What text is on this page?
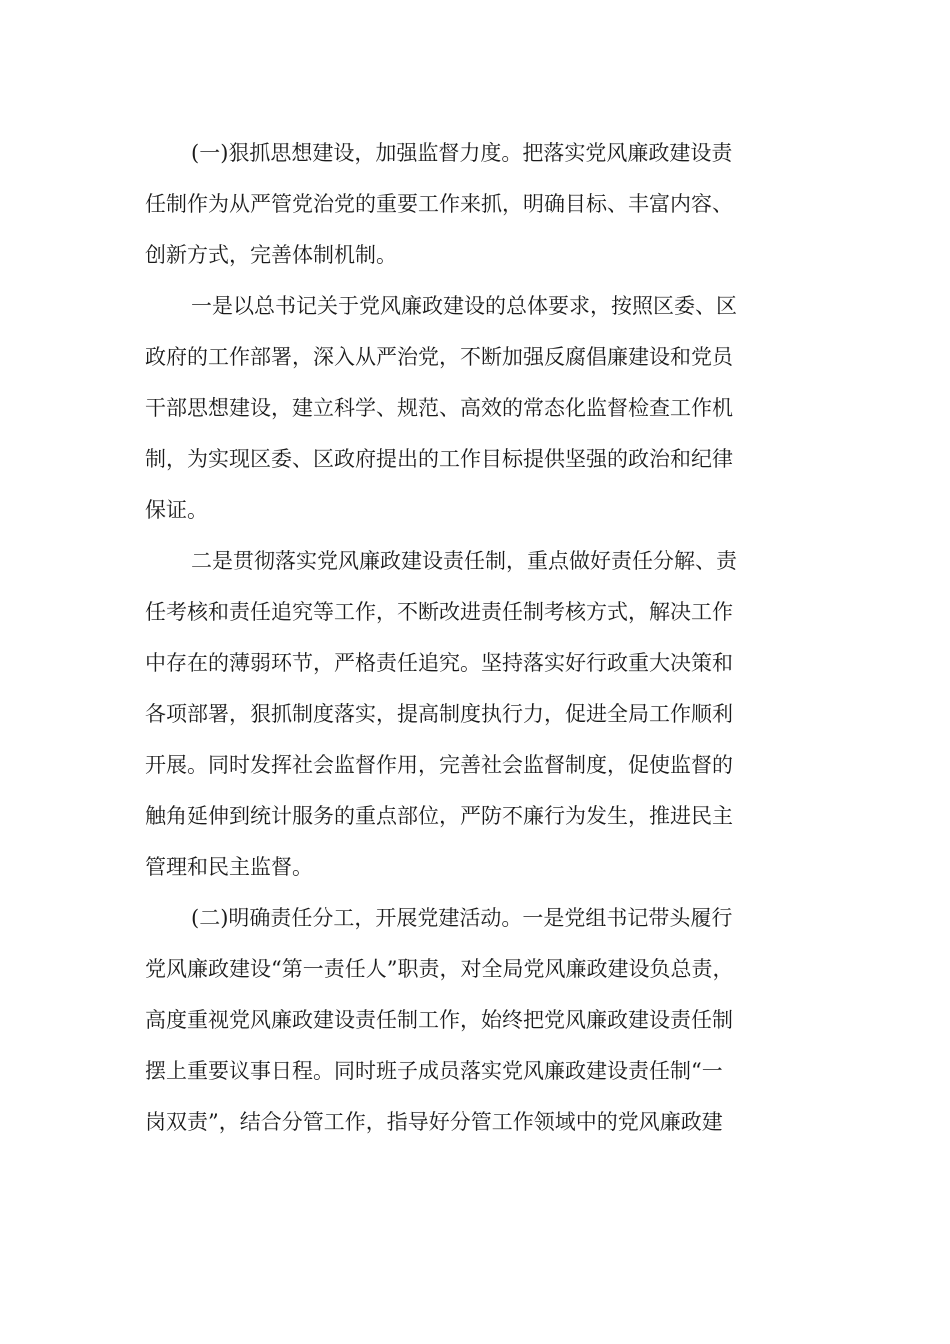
(一)狠抓思想建设，加强监督力度。把落实党风廉政建设责
任制作为从严管党治党的重要工作来抓，明确目标、丰富内容、
创新方式，完善体制机制。
一是以总书记关于党风廉政建设的总体要求，按照区委、区
政府的工作部署，深入从严治党，不断加强反腐倡廉建设和党员
干部思想建设，建立科学、规范、高效的常态化监督检查工作机
制，为实现区委、区政府提出的工作目标提供坚强的政治和纪律
保证。
二是贯彻落实党风廉政建设责任制，重点做好责任分解、责
任考核和责任追究等工作，不断改进责任制考核方式，解决工作
中存在的薄弱环节，严格责任追究。坚持落实好行政重大决策和
各项部署，狠抓制度落实，提高制度执行力，促进全局工作顺利
开展。同时发挥社会监督作用，完善社会监督制度，促使监督的
触角延伸到统计服务的重点部位，严防不廉行为发生，推进民主
管理和民主监督。
(二)明确责任分工，开展党建活动。一是党组书记带头履行
党风廉政建设“第一责任人”职责，对全局党风廉政建设负总责，
高度重视党风廉政建设责任制工作，始终把党风廉政建设责任制
摆上重要议事日程。同时班子成员落实党风廉政建设责任制“一
岗双责”，结合分管工作，指导好分管工作领域中的党风廉政建
